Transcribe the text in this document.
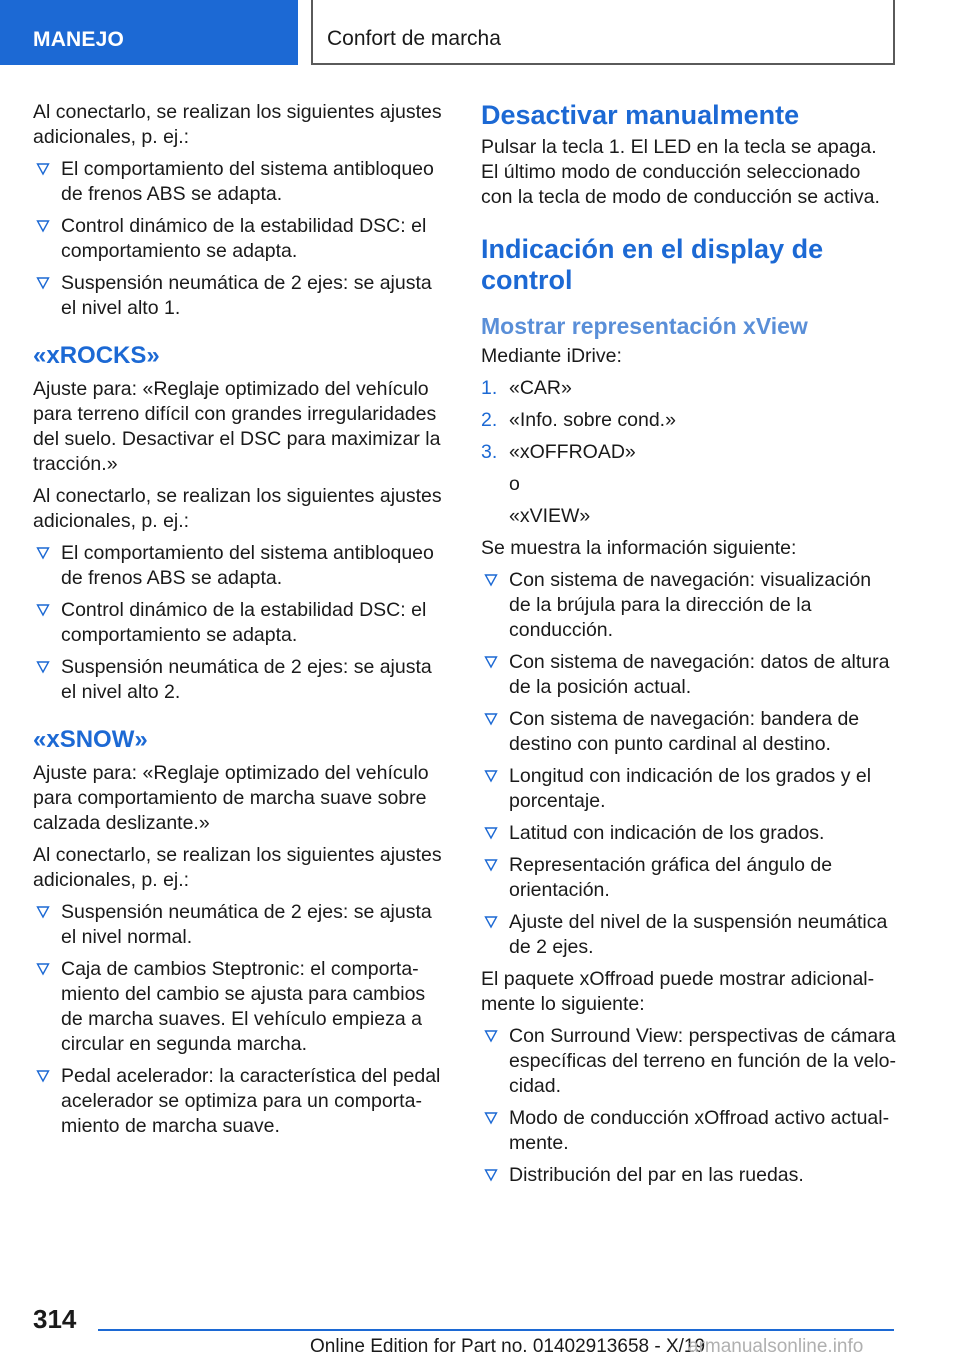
MANEJO	Confort de marcha

Al conectarlo, se realizan los siguientes ajustes adicionales, p. ej.:

El comportamiento del sistema antibloqueo de frenos ABS se adapta.
Control dinámico de la estabilidad DSC: el comportamiento se adapta.
Suspensión neumática de 2 ejes: se ajusta el nivel alto 1.
«xROCKS»

Ajuste para: «Reglaje optimizado del vehículo para terreno difícil con grandes irregularidades del suelo. Desactivar el DSC para maximizar la tracción.»

Al conectarlo, se realizan los siguientes ajustes adicionales, p. ej.:

El comportamiento del sistema antibloqueo de frenos ABS se adapta.
Control dinámico de la estabilidad DSC: el comportamiento se adapta.
Suspensión neumática de 2 ejes: se ajusta el nivel alto 2.
«xSNOW»

Ajuste para: «Reglaje optimizado del vehículo para comportamiento de marcha suave sobre calzada deslizante.»

Al conectarlo, se realizan los siguientes ajustes adicionales, p. ej.:

Suspensión neumática de 2 ejes: se ajusta el nivel normal.
Caja de cambios Steptronic: el comportamiento del cambio se ajusta para cambios de marcha suaves. El vehículo empieza a circular en segunda marcha.
Pedal acelerador: la característica del pedal acelerador se optimiza para un comportamiento de marcha suave.
Desactivar manualmente

Pulsar la tecla 1. El LED en la tecla se apaga. El último modo de conducción seleccionado con la tecla de modo de conducción se activa.

Indicación en el display de control
Mostrar representación xView

Mediante iDrive:

1. «CAR»
2. «Info. sobre cond.»
3. «xOFFROAD»

o

«xVIEW»

Se muestra la información siguiente:

Con sistema de navegación: visualización de la brújula para la dirección de la conducción.
Con sistema de navegación: datos de altura de la posición actual.
Con sistema de navegación: bandera de destino con punto cardinal al destino.
Longitud con indicación de los grados y el porcentaje.
Latitud con indicación de los grados.
Representación gráfica del ángulo de orientación.
Ajuste del nivel de la suspensión neumática de 2 ejes.

El paquete xOffroad puede mostrar adicionalmente lo siguiente:

Con Surround View: perspectivas de cámara específicas del terreno en función de la velocidad.
Modo de conducción xOffroad activo actualmente.
Distribución del par en las ruedas.
314
Online Edition for Part no. 01402913658 - X/19
armanualsonline.info
